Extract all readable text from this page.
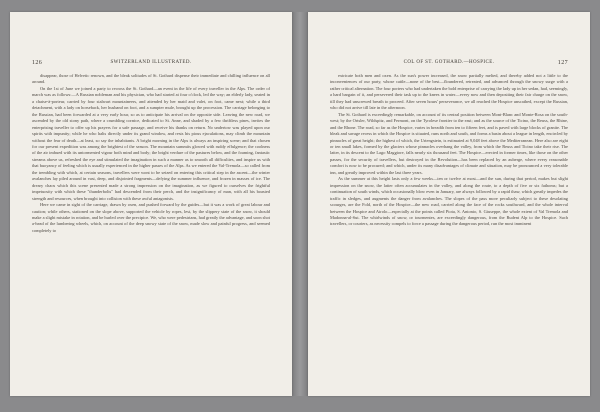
126	SWITZERLAND ILLUSTRATED.

disappear, those of Helvetic renown, and the bleak solitudes of St. Gothard dispense their immediate and chilling influence on all around.

On the 1st of June we joined a party to recross the St. Gothard—an event in the life of every traveller in the Alps. The order of march was as follows:—A Russian nobleman and his physician, who had started at four o'clock, led the way; an elderly lady, seated in a chaise-à-porteur, carried by four stalwart mountaineers, and attended by her maid and valet, on foot, came next; while a third detachment, with a lady on horseback, her husband on foot, and a sumpter mule, brought up the procession. The carriage belonging to the Russian, had been forwarded at a very early hour, so as to anticipate his arrival on the opposite side. Leaving the new road, we ascended by the old stony path, where a crumbling cornice, dedicated to St. Anne, and shaded by a few thriftless pines, invites the enterprising traveller to offer up his prayers for a safe passage, and receive his thanks on return. No undertow was played upon our spirits with impunity; while he who halts directly under its grand window, and rests his pious ejaculations, may climb the mountain without the fear of death—at least, so say the inhabitants. A bright morning in the Alps is always an inspiring scene; and that chosen for our present expedition was among the brightest of the season. The mountain summits glowed with ruddy effulgence; the coolness of the air imbued with its untormented vigour both mind and body; the bright verdure of the pastures below, and the foaming, fantastic streams above us, refreshed the eye and stimulated the imagination in such a manner as to smooth all difficulties, and inspire us with that buoyancy of feeling which is usually experienced in the higher passes of the Alps. As we entered the Val-Tremola—so called from the trembling with which, at certain seasons, travellers were wont to be seized on entering this critical step in the ascent—the winter avalanches lay piled around in vast, deep, and disjointed fragments—defying the summer influence, and frozen in masses of ice. The dreary chaos which this scene presented made a strong impression on the imagination, as we figured to ourselves the frightful impetuosity with which these "thunderbolts" had descended from their perch, and the insignificancy of man, with all his boasted strength and resources, when brought into collision with these awful antagonists.

Here we came in sight of the carriage, drawn by oxen, and pushed forward by the guides—but it was a work of great labour and caution; while others, stationed on the slope above, supported the vehicle by ropes, lest, by the slippery state of the snow, it should make a slight mistake in rotation, and be hurled over the precipice. We, who were pedestrians, had greatly the advantage, and soon shot a-head of the lumbering wheels, which, on account of the deep snowy state of the snow, made slow and painful progress, and seemed completely to

COL OF ST. GOTHARD.—HOSPICE.	127

extricate both men and oxen. As the sun's power increased, the snow partially melted, and thereby added not a little to the inconveniences of our party, whose cattle—none of the best—floundered, retreated, and advanced through the snowy surge with a rather critical alternation. The four porters who had undertaken the bold enterprise of carrying the lady up in her sedan, had, seemingly, a hard bargain of it, and persevered their task up to the knees in water—every now and then depositing their fair charge on the snow, till they had unscrewed breath to proceed. After seven hours' perseverance, we all reached the Hospice unscathed, except the Russian, who did not arrive till late in the afternoon.

The St. Gothard is exceedingly remarkable, on account of its central position between Mont-Blanc and Monte-Rosa on the south-west; by the Ortsler, Wildspitz, and Fermont, on the Tyrolese frontier to the east; and as the source of the Ticino, the Reuss, the Rhine, and the Rhone. The road, so far as the Hospice, varies in breadth from ten to fifteen feet, and is paved with large blocks of granite. The bleak and savage recess in which the Hospice is situated, runs north and south, and forms a basin about a league in length, encircled by pinnacles of great height; the highest of which, the Uriengstein, is estimated at 9,048 feet above the Mediterranean. Here also are eight or ten small lakes, formed by the glaciers whose pinnacles overhang the valley, from which the Reuss and Ticino take their rise. The latter, in its descent to the Lago Maggiore, falls nearly six thousand feet. The Hospice—erected in former times, like those on the other passes, for the security of travellers, but destroyed in the Revolution—has been replaced by an auberge, where every reasonable comfort is now to be procured; and which, under its many disadvantages of climate and situation, may be pronounced a very tolerable inn, and greatly improved within the last three years.

As the summer at this height lasts only a few weeks—ten or twelve at most—and the sun, during that period, makes but slight impression on the snow, the latter often accumulates in the valley, and along the route, to a depth of five or six fathoms; but a continuation of south winds, which occasionally blow even in January, are always followed by a rapid thaw, which greatly impedes the traffic in sledges, and augments the danger from avalanches. The slopes of the pass more peculiarly subject to these desolating scourges, are the Fold, north of the Hospice—the new road, carried along the face of the rocks southward, and the whole interval between the Hospice and Airolo—especially at the points called Piota, S. Antonio, S. Giuseppe, the whole extent of Val Tremola and Madonna-al-Sut. The whirlwinds of snow, or tourmentes, are exceedingly dangerous, from the Rudent Alp to the Hospice. Such travellers, or couriers, as necessity compels to force a passage during the dangerous period, run the most imminent
